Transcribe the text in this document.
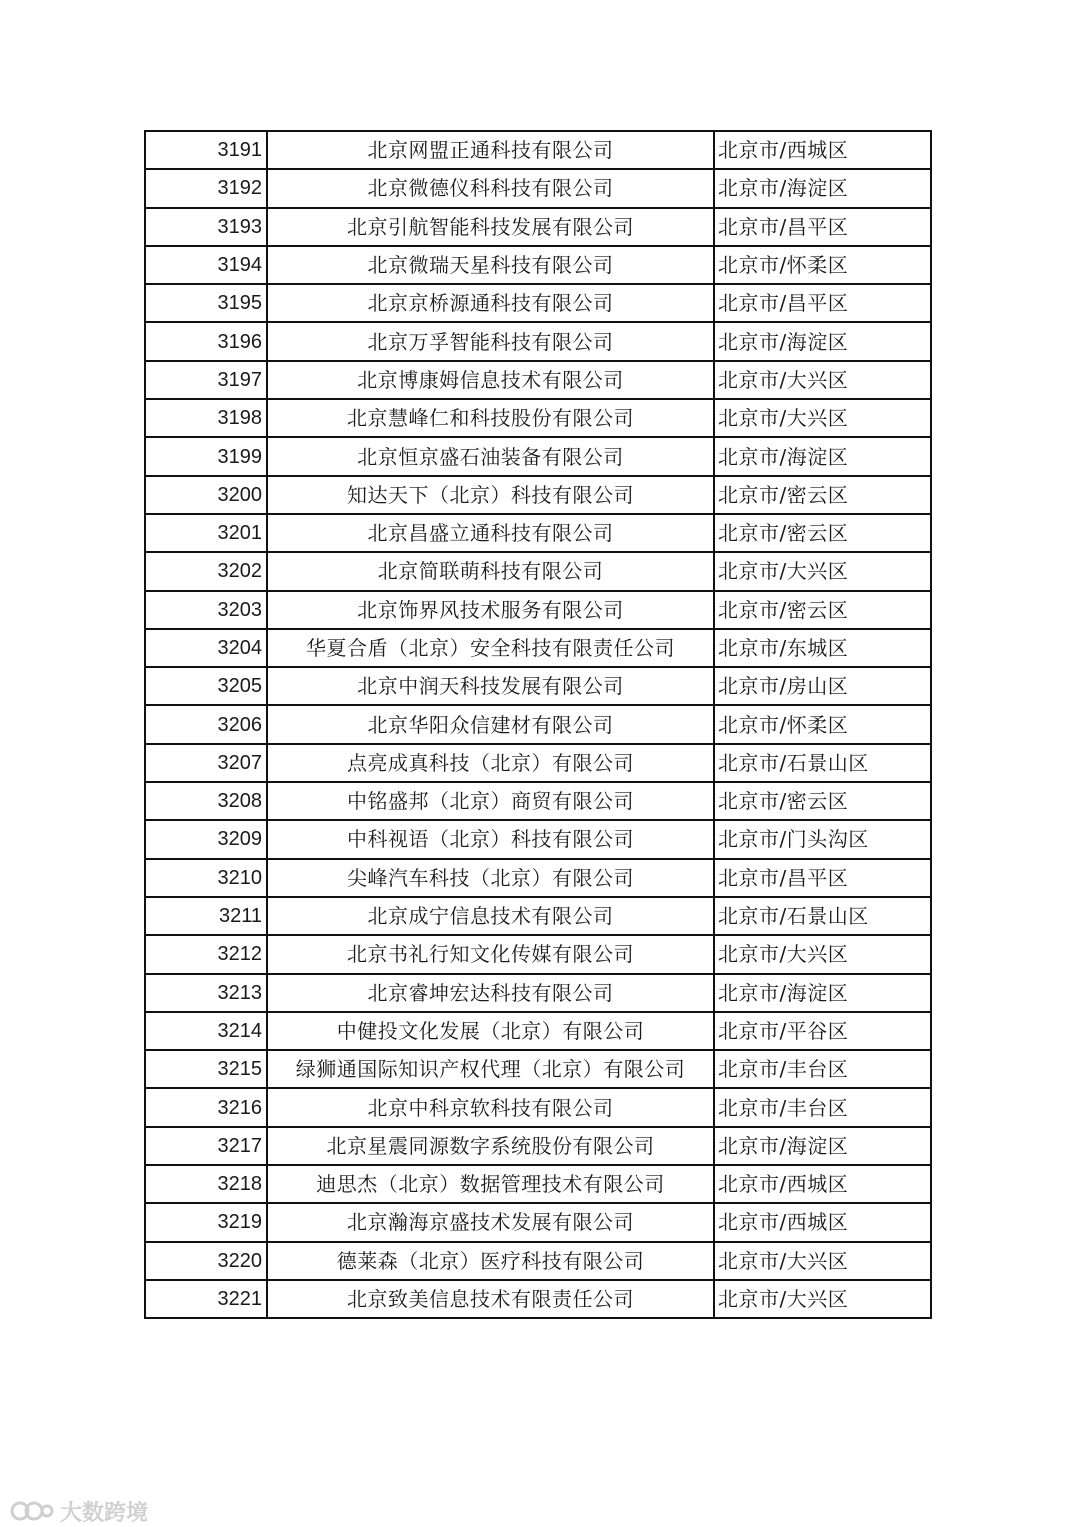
3191	北京网盟正通科技有限公司	北京市/西城区
3192	北京微德仪科科技有限公司	北京市/海淀区
3193	北京引航智能科技发展有限公司	北京市/昌平区
3194	北京微瑞天星科技有限公司	北京市/怀柔区
3195	北京京桥源通科技有限公司	北京市/昌平区
3196	北京万孚智能科技有限公司	北京市/海淀区
3197	北京博康姆信息技术有限公司	北京市/大兴区
3198	北京慧峰仁和科技股份有限公司	北京市/大兴区
3199	北京恒京盛石油装备有限公司	北京市/海淀区
3200	知达天下（北京）科技有限公司	北京市/密云区
3201	北京昌盛立通科技有限公司	北京市/密云区
3202	北京简联萌科技有限公司	北京市/大兴区
3203	北京饰界风技术服务有限公司	北京市/密云区
3204	华夏合盾（北京）安全科技有限责任公司	北京市/东城区
3205	北京中润天科技发展有限公司	北京市/房山区
3206	北京华阳众信建材有限公司	北京市/怀柔区
3207	点亮成真科技（北京）有限公司	北京市/石景山区
3208	中铭盛邦（北京）商贸有限公司	北京市/密云区
3209	中科视语（北京）科技有限公司	北京市/门头沟区
3210	尖峰汽车科技（北京）有限公司	北京市/昌平区
3211	北京成宁信息技术有限公司	北京市/石景山区
3212	北京书礼行知文化传媒有限公司	北京市/大兴区
3213	北京睿坤宏达科技有限公司	北京市/海淀区
3214	中健投文化发展（北京）有限公司	北京市/平谷区
3215	绿狮通国际知识产权代理（北京）有限公司	北京市/丰台区
3216	北京中科京软科技有限公司	北京市/丰台区
3217	北京星震同源数字系统股份有限公司	北京市/海淀区
3218	迪思杰（北京）数据管理技术有限公司	北京市/西城区
3219	北京瀚海京盛技术发展有限公司	北京市/西城区
3220	德莱森（北京）医疗科技有限公司	北京市/大兴区
3221	北京致美信息技术有限责任公司	北京市/大兴区
大数跨境
